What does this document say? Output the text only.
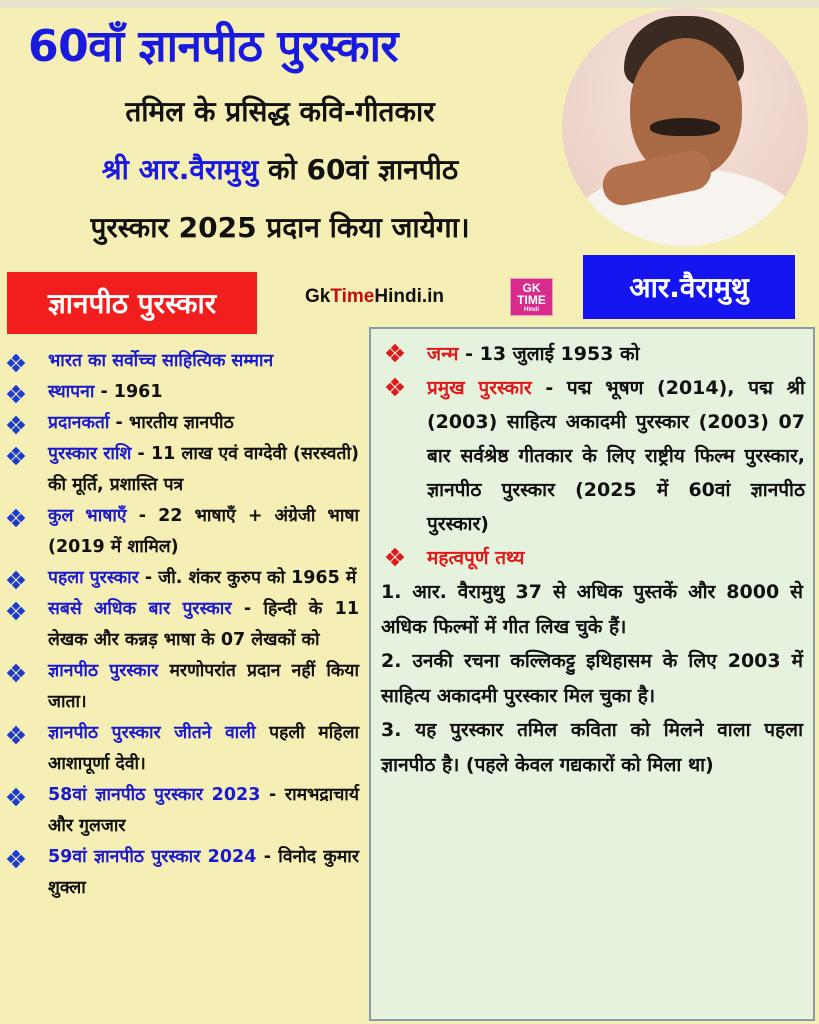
60वाँ ज्ञानपीठ पुरस्कार
तमिल के प्रसिद्ध कवि-गीतकार
श्री आर.वैरामुथु को 60वां ज्ञानपीठ
पुरस्कार 2025 प्रदान किया जायेगा।
ज्ञानपीठ पुरस्कार	GkTimeHindi.in	GK
TIME
Hindi
आर.वैरामुथु
भारत का सर्वोच्च साहित्यिक सम्मान
स्थापना - 1961
प्रदानकर्ता - भारतीय ज्ञानपीठ
पुरस्कार राशि - 11 लाख एवं वाग्देवी (सरस्वती) की मूर्ति, प्रशास्ति पत्र
कुल भाषाएँ - 22 भाषाएँ + अंग्रेजी भाषा (2019 में शामिल)
पहला पुरस्कार - जी. शंकर कुरुप को 1965 में
सबसे अधिक बार पुरस्कार - हिन्दी के 11 लेखक और कन्नड़ भाषा के 07 लेखकों को
ज्ञानपीठ पुरस्कार मरणोपरांत प्रदान नहीं किया जाता।
ज्ञानपीठ पुरस्कार जीतने वाली पहली महिला आशापूर्णा देवी।
58वां ज्ञानपीठ पुरस्कार 2023 - रामभद्राचार्य और गुलजार
59वां ज्ञानपीठ पुरस्कार 2024 - विनोद कुमार शुक्ला
जन्म - 13 जुलाई 1953 को
प्रमुख पुरस्कार - पद्म भूषण (2014), पद्म श्री (2003) साहित्य अकादमी पुरस्कार (2003) 07 बार सर्वश्रेष्ठ गीतकार के लिए राष्ट्रीय फिल्म पुरस्कार, ज्ञानपीठ पुरस्कार (2025 में 60वां ज्ञानपीठ पुरस्कार)
महत्वपूर्ण तथ्य

1. आर. वैरामुथु 37 से अधिक पुस्तकें और 8000 से अधिक फिल्मों में गीत लिख चुके हैं।

2. उनकी रचना कल्लिकट्टु इथिहासम के लिए 2003 में साहित्य अकादमी पुरस्कार मिल चुका है।

3. यह पुरस्कार तमिल कविता को मिलने वाला पहला ज्ञानपीठ है। (पहले केवल गद्यकारों को मिला था)
